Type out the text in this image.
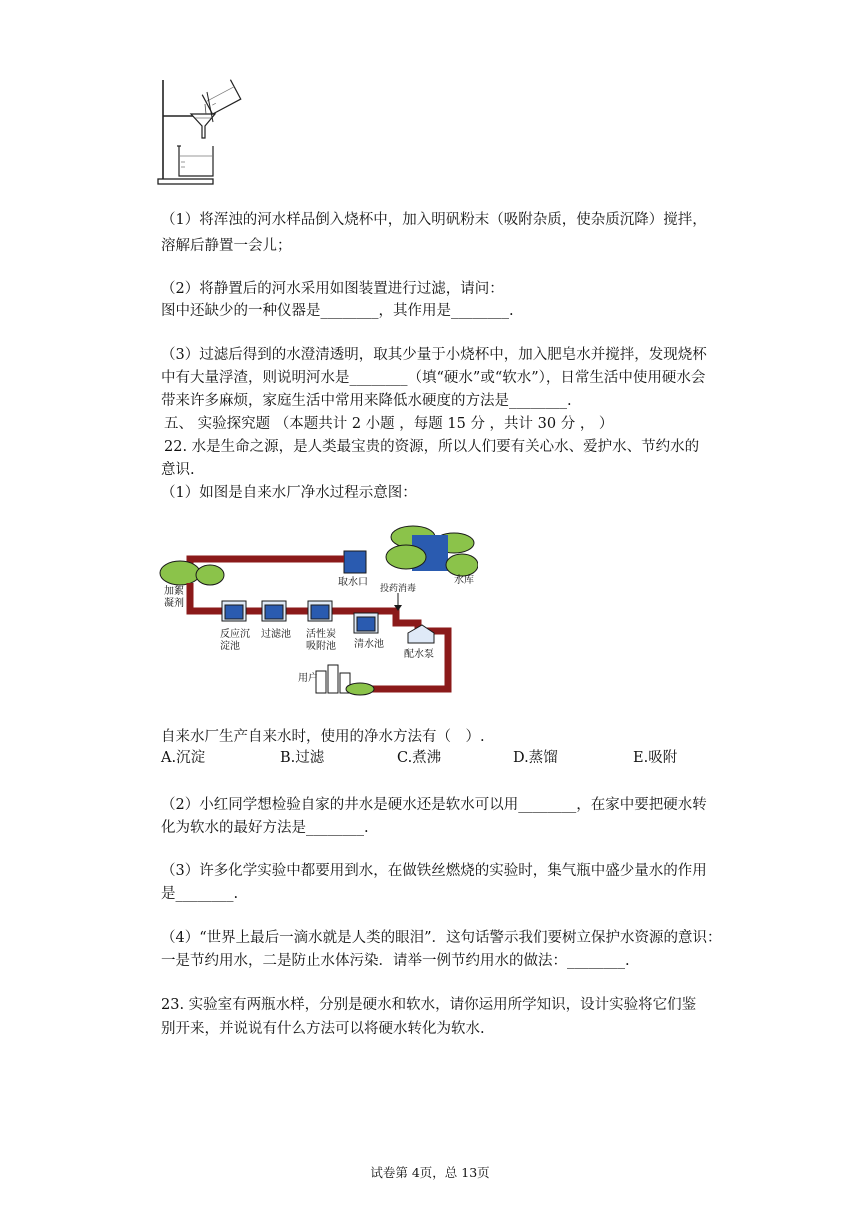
（1）将浑浊的河水样品倒入烧杯中，加入明矾粉末（吸附杂质，使杂质沉降）搅拌，
溶解后静置一会儿；
（2）将静置后的河水采用如图装置进行过滤，请问：
图中还缺少的一种仪器是________，其作用是________.
（3）过滤后得到的水澄清透明，取其少量于小烧杯中，加入肥皂水并搅拌，发现烧杯
中有大量浮渣，则说明河水是________（填“硬水”或“软水”），日常生活中使用硬水会
带来许多麻烦，家庭生活中常用来降低水硬度的方法是________.
五、 实验探究题 （本题共计 2 小题 ，每题 15 分 ，共计 30 分 ， ）
22. 水是生命之源，是人类最宝贵的资源，所以人们要有关心水、爱护水、节约水的
意识.
（1）如图是自来水厂净水过程示意图：
取水口	水库
加絮
凝剂
投药消毒
反应沉
淀池
过滤池 活性炭
吸附池 清水池
配水泵
用户
自来水厂生产自来水时，使用的净水方法有（　）.
A.沉淀	B.过滤	C.煮沸	D.蒸馏	E.吸附
（2）小红同学想检验自家的井水是硬水还是软水可以用________，在家中要把硬水转
化为软水的最好方法是________.
（3）许多化学实验中都要用到水，在做铁丝燃烧的实验时，集气瓶中盛少量水的作用
是________.
（4）“世界上最后一滴水就是人类的眼泪”．这句话警示我们要树立保护水资源的意识：
一是节约用水，二是防止水体污染．请举一例节约用水的做法：________.
23. 实验室有两瓶水样，分别是硬水和软水，请你运用所学知识，设计实验将它们鉴
别开来，并说说有什么方法可以将硬水转化为软水.
试卷第 4页，总 13页
